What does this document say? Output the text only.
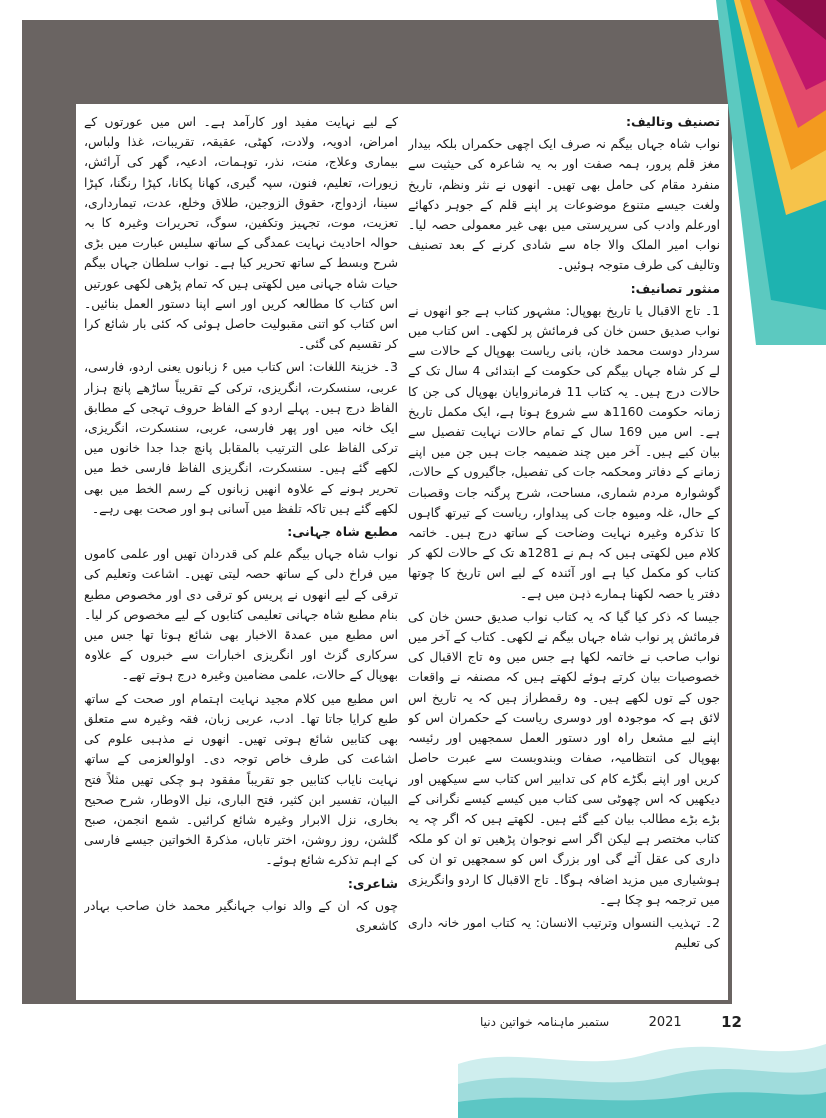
تصنیف وتالیف:

نواب شاہ جہاں بیگم نہ صرف ایک اچھی حکمراں بلکہ بیدار مغز قلم پرور، ہمہ صفت اور بہ یہ شاعرہ کی حیثیت سے منفرد مقام کی حامل بھی تھیں۔ انھوں نے نثر ونظم، تاریخ ولغت جیسے متنوع موضوعات پر اپنے قلم کے جوہر دکھائے اورعلم وادب کی سرپرستی میں بھی غیر معمولی حصہ لیا۔ نواب امیر الملک والا جاہ سے شادی کرنے کے بعد تصنیف وتالیف کی طرف متوجہ ہوئیں۔

منثور تصانیف:

1۔ تاج الاقبال یا تاریخ بھوپال: مشہور کتاب ہے جو انھوں نے نواب صدیق حسن خان کی فرمائش پر لکھی۔ اس کتاب میں سردار دوست محمد خان، بانی ریاست بھوپال کے حالات سے لے کر شاہ جہاں بیگم کی حکومت کے ابتدائی 4 سال تک کے حالات درج ہیں۔ یہ کتاب 11 فرمانروایان بھوپال کی جن کا زمانہ حکومت 1160ھ سے شروع ہوتا ہے، ایک مکمل تاریخ ہے۔ اس میں 169 سال کے تمام حالات نہایت تفصیل سے بیان کیے ہیں۔ آخر میں چند ضمیمہ جات ہیں جن میں اپنے زمانے کے دفاتر ومحکمہ جات کی تفصیل، جاگیروں کے حالات، گوشوارہ مردم شماری، مساحت، شرح پرگنہ جات وقصبات کے حال، غلہ ومیوہ جات کی پیداوار، ریاست کے تیرتھ گاہوں کا تذکرہ وغیرہ نہایت وضاحت کے ساتھ درج ہیں۔ خاتمہ کلام میں لکھتی ہیں کہ ہم نے 1281ھ تک کے حالات لکھ کر کتاب کو مکمل کیا ہے اور آئندہ کے لیے اس تاریخ کا چوتھا دفتر یا حصہ لکھنا ہمارے ذہن میں ہے۔

جیسا کہ ذکر کیا گیا کہ یہ کتاب نواب صدیق حسن خان کی فرمائش پر نواب شاہ جہاں بیگم نے لکھی۔ کتاب کے آخر میں نواب صاحب نے خاتمہ لکھا ہے جس میں وہ تاج الاقبال کی خصوصیات بیان کرتے ہوئے لکھتے ہیں کہ مصنفہ نے واقعات جوں کے توں لکھے ہیں۔ وہ رقمطراز ہیں کہ یہ تاریخ اس لائق ہے کہ موجودہ اور دوسری ریاست کے حکمران اس کو اپنے لیے مشعل راہ اور دستور العمل سمجھیں اور رئیسہ بھوپال کی انتظامیہ، صفات وبندوبست سے عبرت حاصل کریں اور اپنے بگڑے کام کی تدابیر اس کتاب سے سیکھیں اور دیکھیں کہ اس چھوٹی سی کتاب میں کیسے کیسے نگرانی کے بڑے بڑے مطالب بیان کیے گئے ہیں۔ لکھتے ہیں کہ اگر چہ یہ کتاب مختصر ہے لیکن اگر اسے نوجوان پڑھیں تو ان کو ملکہ داری کی عقل آئے گی اور بزرگ اس کو سمجھیں تو ان کی ہوشیاری میں مزید اضافہ ہوگا۔ تاج الاقبال کا اردو وانگریزی میں ترجمہ ہو چکا ہے۔

2۔ تہذیب النسواں وترتیب الانسان: یہ کتاب امور خانہ داری کی تعلیم

کے لیے نہایت مفید اور کارآمد ہے۔ اس میں عورتوں کے امراض، ادویہ، ولادت، کھٹی، عقیقہ، تقریبات، غذا ولباس، بیماری وعلاج، منت، نذر، توہمات، ادعیہ، گھر کی آرائش، زیورات، تعلیم، فنون، سپہ گیری، کھانا پکانا، کپڑا رنگنا، کپڑا سینا، ازدواج، حقوق الزوجین، طلاق وخلع، عدت، تیمارداری، تعزیت، موت، تجہیز وتکفین، سوگ، تحریرات وغیرہ کا بہ حوالہ احادیث نہایت عمدگی کے ساتھ سلیس عبارت میں بڑی شرح وبسط کے ساتھ تحریر کیا ہے۔ نواب سلطان جہاں بیگم حیات شاہ جہانی میں لکھتی ہیں کہ تمام پڑھی لکھی عورتیں اس کتاب کا مطالعہ کریں اور اسے اپنا دستور العمل بنائیں۔ اس کتاب کو اتنی مقبولیت حاصل ہوئی کہ کئی بار شائع کرا کر تقسیم کی گئی۔

3۔ خزینۃ اللغات: اس کتاب میں ۶ زبانوں یعنی اردو، فارسی، عربی، سنسکرت، انگریزی، ترکی کے تقریباً ساڑھے پانچ ہزار الفاظ درج ہیں۔ پہلے اردو کے الفاظ حروف تہجی کے مطابق ایک خانہ میں اور پھر فارسی، عربی، سنسکرت، انگریزی، ترکی الفاظ علی الترتیب بالمقابل پانچ جدا جدا خانوں میں لکھے گئے ہیں۔ سنسکرت، انگریزی الفاظ فارسی خط میں تحریر ہونے کے علاوہ انھیں زبانوں کے رسم الخط میں بھی لکھے گئے ہیں تاکہ تلفظ میں آسانی ہو اور صحت بھی رہے۔

مطبع شاہ جہانی:

نواب شاہ جہاں بیگم علم کی قدردان تھیں اور علمی کاموں میں فراخ دلی کے ساتھ حصہ لیتی تھیں۔ اشاعت وتعلیم کی ترقی کے لیے انھوں نے پریس کو ترقی دی اور مخصوص مطبع بنام مطبع شاہ جہانی تعلیمی کتابوں کے لیے مخصوص کر لیا۔ اس مطبع میں عمدۃ الاخبار بھی شائع ہوتا تھا جس میں سرکاری گزٹ اور انگریزی اخبارات سے خبروں کے علاوہ بھوپال کے حالات، علمی مضامین وغیرہ درج ہوتے تھے۔

اس مطبع میں کلام مجید نہایت اہتمام اور صحت کے ساتھ طبع کرایا جاتا تھا۔ ادب، عربی زبان، فقہ وغیرہ سے متعلق بھی کتابیں شائع ہوتی تھیں۔ انھوں نے مذہبی علوم کی اشاعت کی طرف خاص توجہ دی۔ اولوالعزمی کے ساتھ نہایت نایاب کتابیں جو تقریباً مفقود ہو چکی تھیں مثلاً فتح البیان، تفسیر ابن کثیر، فتح الباری، نیل الاوطار، شرح صحیح بخاری، نزل الابرار وغیرہ شائع کرائیں۔ شمع انجمن، صبح گلشن، روز روشن، اختر تاباں، مذکرۃ الخواتین جیسے فارسی کے اہم تذکرے شائع ہوئے۔

شاعری:

چوں کہ ان کے والد نواب جہانگیر محمد خان صاحب بہادر کاشعری

ستمبر ماہنامہ خواتین دنیا	2021	12
